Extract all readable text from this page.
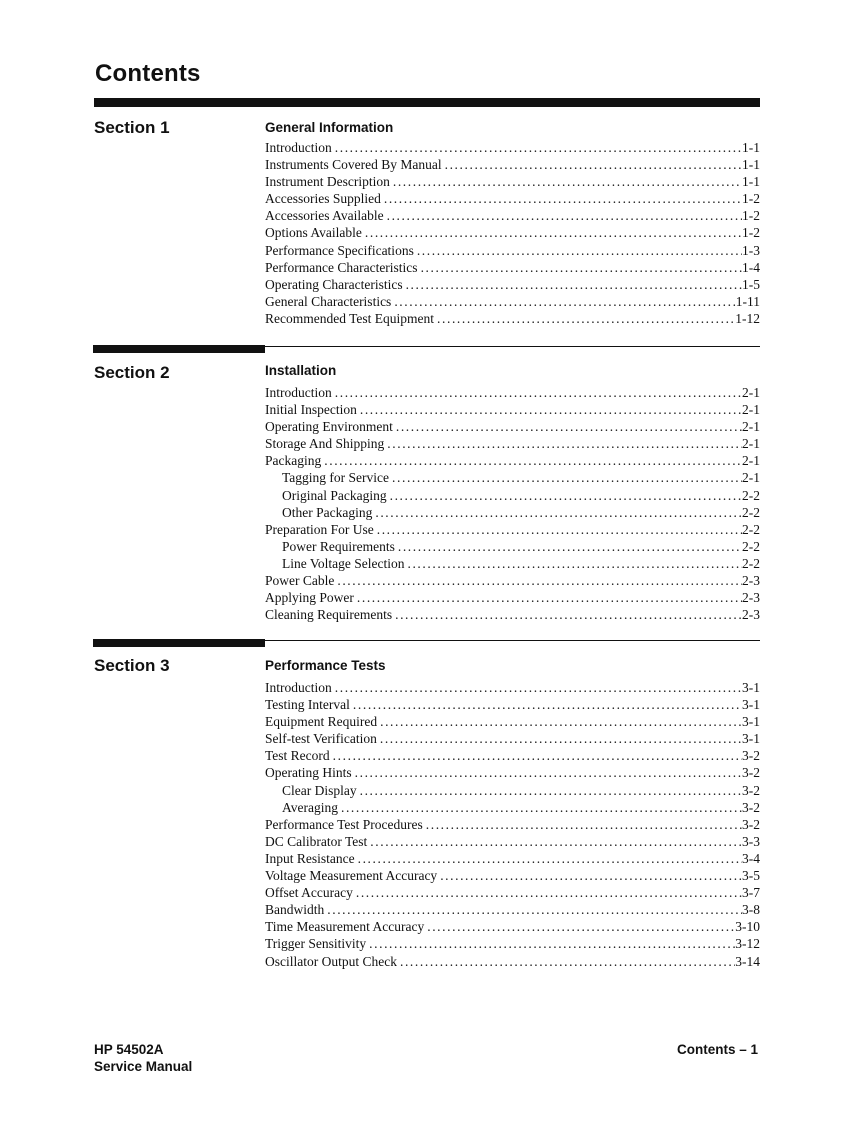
Contents
Section 1	General Information
Introduction .....	1-1
Instruments Covered By Manual .....	1-1
Instrument Description .....	1-1
Accessories Supplied .....	1-2
Accessories Available .....	1-2
Options Available .....	1-2
Performance Specifications .....	1-3
Performance Characteristics .....	1-4
Operating Characteristics .....	1-5
General Characteristics .....	1-11
Recommended Test Equipment .....	1-12
Section 2	Installation
Introduction .....	2-1
Initial Inspection .....	2-1
Operating Environment .....	2-1
Storage And Shipping .....	2-1
Packaging .....	2-1
Tagging for Service .....	2-1
Original Packaging .....	2-2
Other Packaging .....	2-2
Preparation For Use .....	2-2
Power Requirements .....	2-2
Line Voltage Selection .....	2-2
Power Cable .....	2-3
Applying Power .....	2-3
Cleaning Requirements .....	2-3
Section 3	Performance Tests
Introduction .....	3-1
Testing Interval .....	3-1
Equipment Required .....	3-1
Self-test Verification .....	3-1
Test Record .....	3-2
Operating Hints .....	3-2
Clear Display .....	3-2
Averaging .....	3-2
Performance Test Procedures .....	3-2
DC Calibrator Test .....	3-3
Input Resistance .....	3-4
Voltage Measurement Accuracy .....	3-5
Offset Accuracy .....	3-7
Bandwidth .....	3-8
Time Measurement Accuracy .....	3-10
Trigger Sensitivity .....	3-12
Oscillator Output Check .....	3-14
HP 54502A
Service Manual
Contents – 1
